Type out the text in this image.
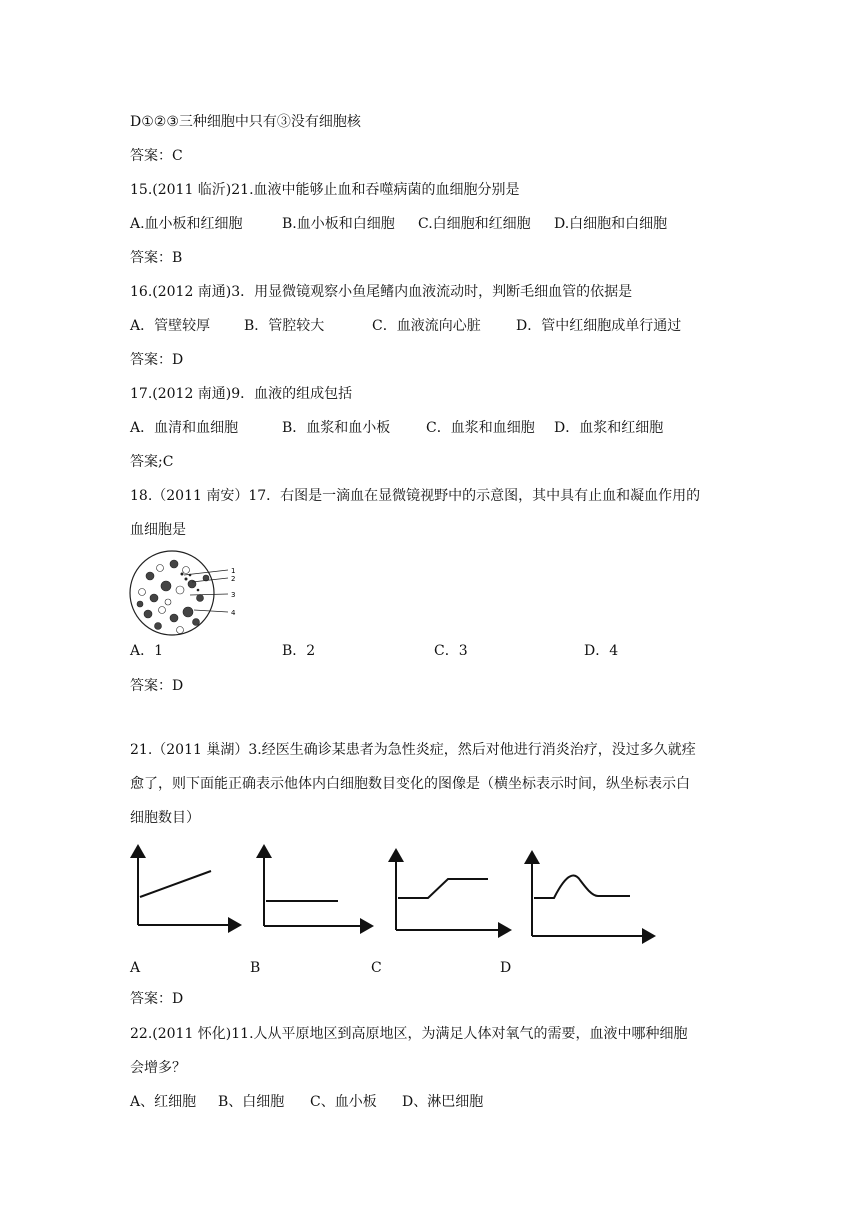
D①②③三种细胞中只有③没有细胞核
答案：C
15.(2011 临沂)21.血液中能够止血和吞噬病菌的血细胞分别是
A.血小板和红细胞	B.血小板和白细胞 C.白细胞和红细胞 D.白细胞和白细胞
答案：B
16.(2012 南通)3．用显微镜观察小鱼尾鳍内血液流动时，判断毛细血管的依据是
A．管壁较厚 B．管腔较大	C．血液流向心脏	D．管中红细胞成单行通过
答案：D
17.(2012 南通)9．血液的组成包括
A．血清和血细胞	B．血浆和血小板	C．血浆和血细胞 D．血浆和红细胞
答案;C
18.（2011 南安）17．右图是一滴血在显微镜视野中的示意图，其中具有止血和凝血作用的
血细胞是
1
2
3
4
A．1	B．2	C．3	D．4
答案：D
21.（2011 巢湖）3.经医生确诊某患者为急性炎症，然后对他进行消炎治疗，没过多久就痊
愈了，则下面能正确表示他体内白细胞数目变化的图像是（横坐标表示时间，纵坐标表示白
细胞数目）
A	B	C	D
答案：D
22.(2011 怀化)11.人从平原地区到高原地区，为满足人体对氧气的需要，血液中哪种细胞
会增多？
A、红细胞 B、白细胞 C、血小板 D、淋巴细胞
